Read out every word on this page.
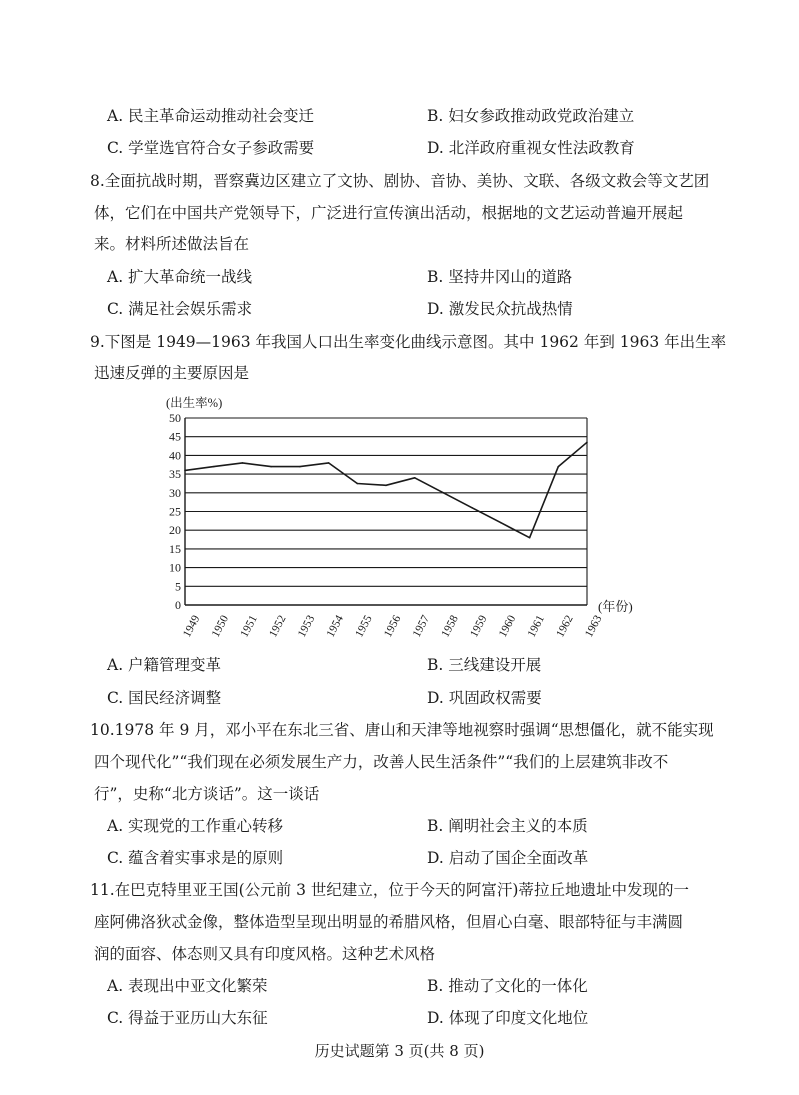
A. 民主革命运动推动社会变迁	B. 妇女参政推动政党政治建立
C. 学堂选官符合女子参政需要	D. 北洋政府重视女性法政教育
8.全面抗战时期，晋察冀边区建立了文协、剧协、音协、美协、文联、各级文救会等文艺团
体，它们在中国共产党领导下，广泛进行宣传演出活动，根据地的文艺运动普遍开展起
来。材料所述做法旨在
A. 扩大革命统一战线	B. 坚持井冈山的道路
C. 满足社会娱乐需求	D. 激发民众抗战热情
9.下图是 1949—1963 年我国人口出生率变化曲线示意图。其中 1962 年到 1963 年出生率
迅速反弹的主要原因是
0
5
10
15
20
25
30
35
40
45
50
1949 1950 1951 1952 1953 1954 1955 1956 1957 1958 1959 1960 1961 1962 1963
(出生率%)
(年份)
A. 户籍管理变革	B. 三线建设开展
C. 国民经济调整	D. 巩固政权需要
10.1978 年 9 月，邓小平在东北三省、唐山和天津等地视察时强调“思想僵化，就不能实现
四个现代化”“我们现在必须发展生产力，改善人民生活条件”“我们的上层建筑非改不
行”，史称“北方谈话”。这一谈话
A. 实现党的工作重心转移	B. 阐明社会主义的本质
C. 蕴含着实事求是的原则	D. 启动了国企全面改革
11.在巴克特里亚王国(公元前 3 世纪建立，位于今天的阿富汗)蒂拉丘地遗址中发现的一
座阿佛洛狄忒金像，整体造型呈现出明显的希腊风格，但眉心白毫、眼部特征与丰满圆
润的面容、体态则又具有印度风格。这种艺术风格
A. 表现出中亚文化繁荣	B. 推动了文化的一体化
C. 得益于亚历山大东征	D. 体现了印度文化地位
历史试题第 3 页(共 8 页)
